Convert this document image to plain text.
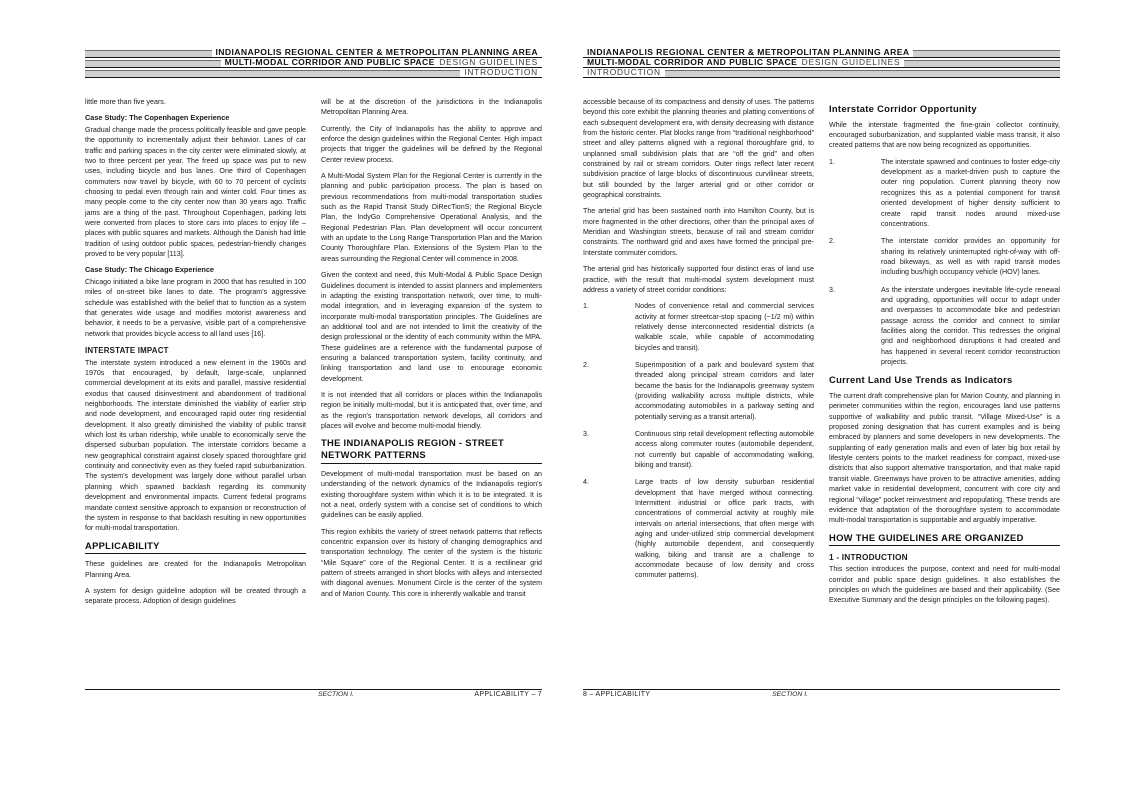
INDIANAPOLIS REGIONAL CENTER & METROPOLITAN PLANNING AREA
MULTI-MODAL CORRIDOR AND PUBLIC SPACE DESIGN GUIDELINES
INTRODUCTION
little more than five years.
Case Study: The Copenhagen Experience
Gradual change made the process politically feasible and gave people the opportunity to incrementally adjust their behavior. Lanes of car traffic and parking spaces in the city center were eliminated slowly, at two to three percent per year. The freed up space was put to new uses, including bicycle and bus lanes. One third of Copenhagen commuters now travel by bicycle, with 60 to 70 percent of cyclists choosing to pedal even through rain and winter cold. Four times as many people come to the city center now than 30 years ago. Traffic jams are a thing of the past. Throughout Copenhagen, parking lots were converted from places to store cars into places to enjoy life – places with public squares and markets. Although the Danish had little tradition of using outdoor public spaces, pedestrian-friendly changes proved to be very popular [113].
Case Study: The Chicago Experience
Chicago initiated a bike lane program in 2000 that has resulted in 100 miles of on-street bike lanes to date. The program's aggressive schedule was established with the belief that to function as a system that generates wide usage and modifies motorist awareness and behavior, it needs to be a pervasive, visible part of a comprehensive network that provides bicycle access to all land uses [16].
INTERSTATE IMPACT
The interstate system introduced a new element in the 1960s and 1970s that encouraged, by default, large-scale, unplanned commercial development at its exits and parallel, massive residential exodus that caused disinvestment and abandonment of traditional neighborhoods. The interstate diminished the viability of earlier strip and node development, and encouraged rapid outer ring residential development. It also greatly diminished the viability of public transit which lost its urban ridership, while unable to economically serve the dispersed suburban population. The interstate corridors became a new geographical constraint against closely spaced thoroughfare grid continuity and connectivity even as they fueled rapid suburbanization. The system's development was largely done without parallel urban planning which spawned backlash regarding its community development and environmental impacts. Current federal programs mandate context sensitive approach to expansion or reconstruction of the system in response to that backlash resulting in new opportunities for multi-modal transportation.
APPLICABILITY
These guidelines are created for the Indianapolis Metropolitan Planning Area.
A system for design guideline adoption will be created through a separate process. Adoption of design guidelines
will be at the discretion of the jurisdictions in the Indianapolis Metropolitan Planning Area.
Currently, the City of Indianapolis has the ability to approve and enforce the design guidelines within the Regional Center. High impact projects that trigger the guidelines will be defined by the Regional Center review process.
A Multi-Modal System Plan for the Regional Center is currently in the planning and public participation process. The plan is based on previous recommendations from multi-modal transportation studies such as the Rapid Transit Study DiRecTionS; the Regional Bicycle Plan, the IndyGo Comprehensive Operational Analysis, and the Regional Pedestrian Plan. Plan development will occur concurrent with an update to the Long Range Transportation Plan and the Marion County Thoroughfare Plan. Extensions of the System Plan to the areas surrounding the Regional Center will commence in 2008.
Given the context and need, this Multi-Modal & Public Space Design Guidelines document is intended to assist planners and implementers in adapting the existing transportation network, over time, to multi-modal integration, and in leveraging expansion of the system to incorporate multi-modal transportation principles. The Guidelines are an additional tool and are not intended to limit the creativity of the design professional or the identity of each community within the MPA. These guidelines are a reference with the fundamental purpose of ensuring a balanced transportation system, facility continuity, and linking transportation and land use to encourage economic development.
It is not intended that all corridors or places within the Indianapolis region be initially multi-modal, but it is anticipated that, over time, and as the region's transportation network develops, all corridors and places will evolve and become multi-modal friendly.
THE INDIANAPOLIS REGION - STREET NETWORK PATTERNS
Development of multi-modal transportation must be based on an understanding of the network dynamics of the Indianapolis region's existing thoroughfare system within which it is to be integrated. It is not a neat, orderly system with a concise set of conditions to which guidelines can be easily applied.
This region exhibits the variety of street network patterns that reflects concentric expansion over its history of changing demographics and transportation technology. The center of the system is the historic “Mile Square” core of the Regional Center. It is a rectilinear grid pattern of streets arranged in short blocks with alleys and intersected with diagonal avenues. Monument Circle is the center of the system and of Marion County. This core is inherently walkable and transit
SECTION I.	APPLICABILITY – 7
INDIANAPOLIS REGIONAL CENTER & METROPOLITAN PLANNING AREA
MULTI-MODAL CORRIDOR AND PUBLIC SPACE DESIGN GUIDELINES
INTRODUCTION
accessible because of its compactness and density of uses. The patterns beyond this core exhibit the planning theories and platting conventions of each subsequent development era, with density decreasing with distance from the historic center. Plat blocks range from “traditional neighborhood” street and alley patterns aligned with a regional thoroughfare grid, to unplanned small subdivision plats that are “off the grid” and often constrained by rail or stream corridors. Outer rings reflect later recent subdivision practice of large blocks of discontinuous curvilinear streets, but still bounded by the larger arterial grid or other corridor or geographical constraints.
The arterial grid has been sustained north into Hamilton County, but is more fragmented in the other directions, other than the principal axes of Meridian and Washington streets, because of rail and stream corridor constraints. The northward grid and axes have formed the principal pre-Interstate commuter corridors.
The arterial grid has historically supported four distinct eras of land use practice, with the result that multi-modal system development must address a variety of street corridor conditions:
1.	Nodes of convenience retail and commercial services activity at former streetcar-stop spacing (~1/2 mi) within relatively dense interconnected residential districts (a walkable scale, while capable of accommodating bicycles and transit).
2.	Superimposition of a park and boulevard system that threaded along principal stream corridors and later became the basis for the Indianapolis greenway system (providing walkability across multiple districts, while accommodating automobiles in a parkway setting and potentially serving as a transit arterial).
3.	Continuous strip retail development reflecting automobile access along commuter routes (automobile dependent, not currently but capable of accommodating walking, biking and transit).
4.	Large tracts of low density suburban residential development that have merged without connecting. Intermittent industrial or office park tracts, with concentrations of commercial activity at roughly mile intervals on arterial intersections, that often merge with aging and under-utilized strip commercial development (highly automobile dependent, and consequently walking, biking and transit are a challenge to accommodate because of low density and cross commuter patterns).
Interstate Corridor Opportunity
While the interstate fragmented the fine-grain collector continuity, encouraged suburbanization, and supplanted viable mass transit, it also created patterns that are now being recognized as opportunities.
1.	The interstate spawned and continues to foster edge-city development as a market-driven push to capture the outer ring population. Current planning theory now recognizes this as a potential component for transit oriented development of higher density sufficient to create rapid transit nodes around mixed-use concentrations.
2.	The interstate corridor provides an opportunity for sharing its relatively uninterrupted right-of-way with off-road bikeways, as well as with rapid transit modes including bus/high occupancy vehicle (HOV) lanes.
3.	As the interstate undergoes inevitable life-cycle renewal and upgrading, opportunities will occur to adapt under and overpasses to accommodate bike and pedestrian passage across the corridor and connect to similar facilities along the corridor. This redresses the original grid and neighborhood disruptions it had created and has happened in several recent corridor reconstruction projects.
Current Land Use Trends as Indicators
The current draft comprehensive plan for Marion County, and planning in perimeter communities within the region, encourages land use patterns supportive of walkability and public transit. “Village Mixed-Use” is a proposed zoning designation that has current examples and is being embraced by planners and some developers in new developments. The supplanting of early generation malls and even of later big box retail by lifestyle centers points to the market readiness for compact, mixed-use districts that also support alternative transportation, and that make rapid transit viable. Greenways have proven to be attractive amenities, adding market value in residential development, concurrent with core city and regional “village” pocket reinvestment and repopulating. These trends are evidence that adaptation of the thoroughfare system to accommodate multi-modal transportation is supportable and arguably imperative.
HOW THE GUIDELINES ARE ORGANIZED
1 - INTRODUCTION
This section introduces the purpose, context and need for multi-modal corridor and public space design guidelines. It also establishes the principles on which the guidelines are based and their applicability. (See Executive Summary and the design principles on the following pages).
8 – APPLICABILITY	SECTION I.
